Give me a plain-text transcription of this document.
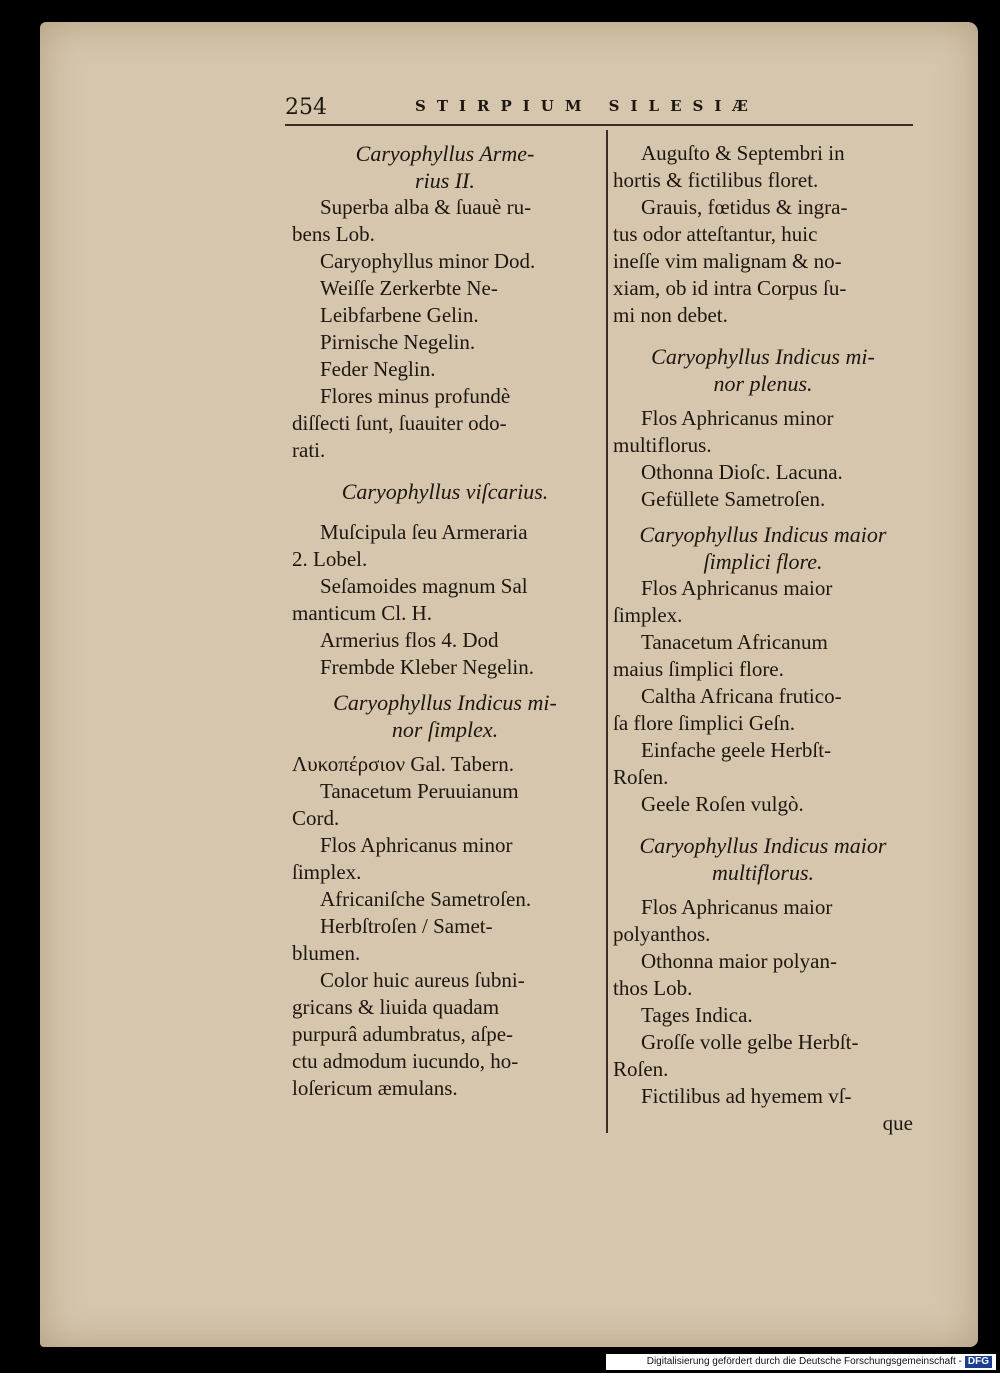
254	STIRPIUM SILESIÆ
Caryophyllus Arme-
rius II.
Superba alba & ſuauè ru-
bens Lob.
Caryophyllus minor Dod.
Weiſſe Zerkerbte Ne-
Leibfarbene Gelin.
Pirnische Negelin.
Feder Neglin.
Flores minus profundè
diſſecti ſunt, ſuauiter odo-
rati.
Caryophyllus viſcarius.
Muſcipula ſeu Armeraria
2. Lobel.
Seſamoides magnum Sal
manticum Cl. H.
Armerius flos 4. Dod
Frembde Kleber Negelin.
Caryophyllus Indicus mi-
nor ſimplex.
Λυκοπέρσιον Gal. Tabern.
Tanacetum Peruuianum
Cord.
Flos Aphricanus minor
ſimplex.
Africaniſche Sametroſen.
Herbſtroſen / Samet-
blumen.
Color huic aureus ſubni-
gricans & liuida quadam
purpurâ adumbratus, aſpe-
ctu admodum iucundo, ho-
loſericum æmulans.
Auguſto & Septembri in
hortis & fictilibus floret.
Grauis, fœtidus & ingra-
tus odor atteſtantur, huic
ineſſe vim malignam & no-
xiam, ob id intra Corpus ſu-
mi non debet.
Caryophyllus Indicus mi-
nor plenus.
Flos Aphricanus minor
multiflorus.
Othonna Dioſc. Lacuna.
Gefüllete Sametroſen.
Caryophyllus Indicus maior
ſimplici flore.
Flos Aphricanus maior
ſimplex.
Tanacetum Africanum
maius ſimplici flore.
Caltha Africana frutico-
ſa flore ſimplici Geſn.
Einfache geele Herbſt-
Roſen.
Geele Roſen vulgò.
Caryophyllus Indicus maior
multiflorus.
Flos Aphricanus maior
polyanthos.
Othonna maior polyan-
thos Lob.
Tages Indica.
Groſſe volle gelbe Herbſt-
Roſen.
Fictilibus ad hyemem vſ-
que
Digitalisierung gefördert durch die Deutsche Forschungsgemeinschaft - DFG
